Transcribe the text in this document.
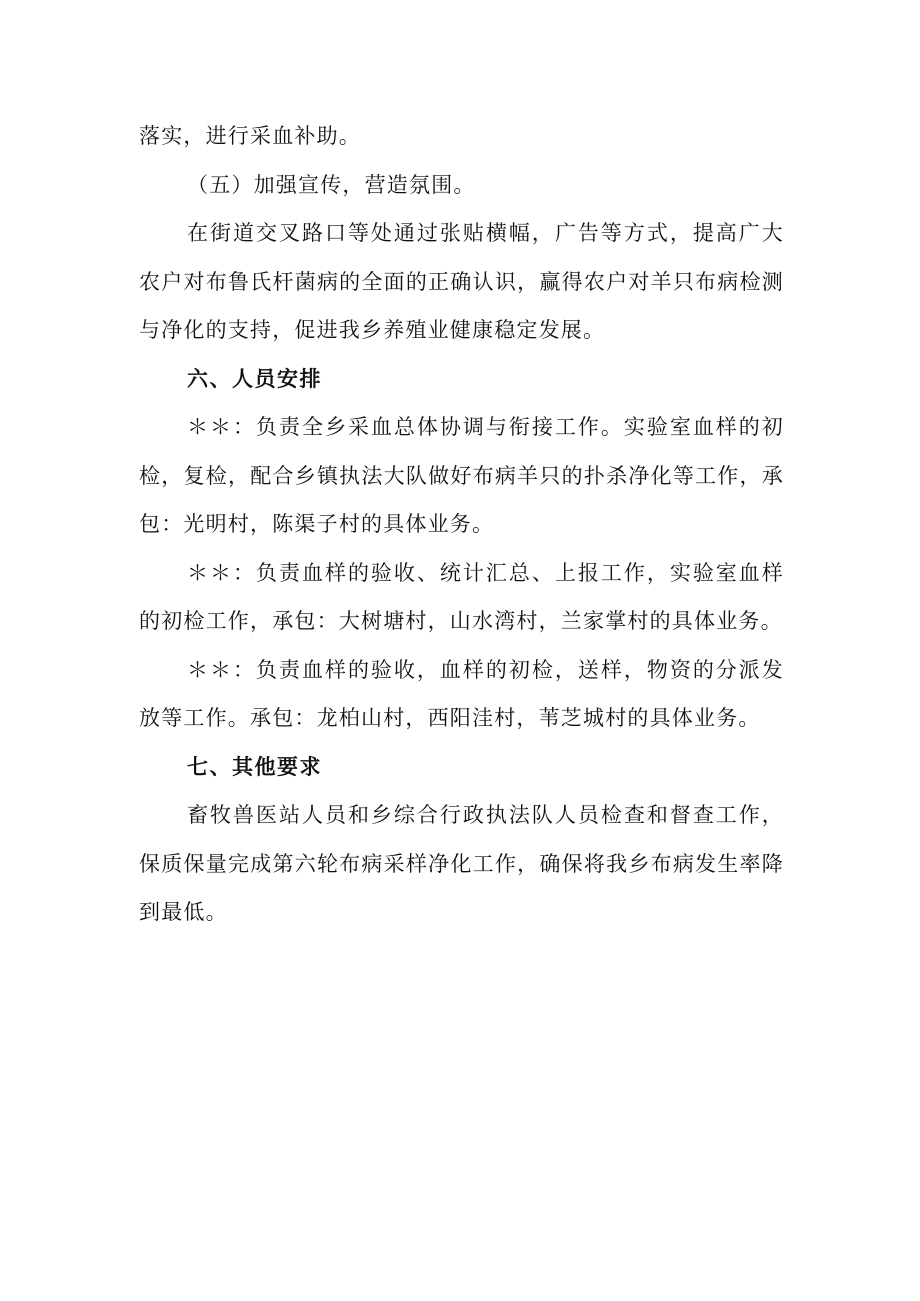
落实，进行采血补助。

（五）加强宣传，营造氛围。

在街道交叉路口等处通过张贴横幅，广告等方式，提高广大农户对布鲁氏杆菌病的全面的正确认识，赢得农户对羊只布病检测与净化的支持，促进我乡养殖业健康稳定发展。

六、人员安排

＊＊：负责全乡采血总体协调与衔接工作。实验室血样的初检，复检，配合乡镇执法大队做好布病羊只的扑杀净化等工作，承包：光明村，陈渠子村的具体业务。

＊＊：负责血样的验收、统计汇总、上报工作，实验室血样的初检工作，承包：大树塘村，山水湾村，兰家掌村的具体业务。

＊＊：负责血样的验收，血样的初检，送样，物资的分派发放等工作。承包：龙柏山村，西阳洼村，苇芝城村的具体业务。

七、其他要求

畜牧兽医站人员和乡综合行政执法队人员检查和督查工作，保质保量完成第六轮布病采样净化工作，确保将我乡布病发生率降到最低。
